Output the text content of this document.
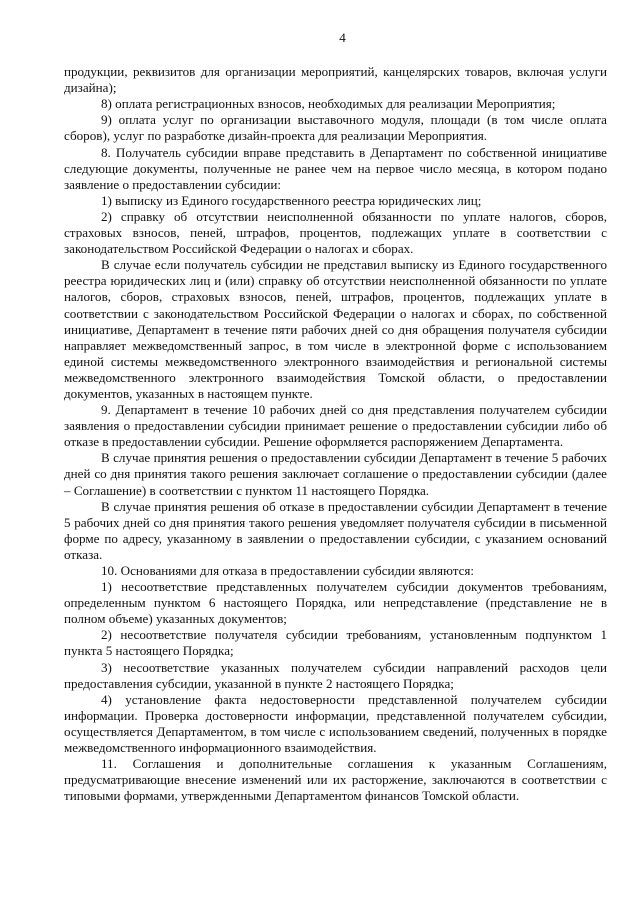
4

продукции, реквизитов для организации мероприятий, канцелярских товаров, включая услуги дизайна);

8) оплата регистрационных взносов, необходимых для реализации Мероприятия;

9) оплата услуг по организации выставочного модуля, площади (в том числе оплата сборов), услуг по разработке дизайн-проекта для реализации Мероприятия.

8. Получатель субсидии вправе представить в Департамент по собственной инициативе следующие документы, полученные не ранее чем на первое число месяца, в котором подано заявление о предоставлении субсидии:

1) выписку из Единого государственного реестра юридических лиц;

2) справку об отсутствии неисполненной обязанности по уплате налогов, сборов, страховых взносов, пеней, штрафов, процентов, подлежащих уплате в соответствии с законодательством Российской Федерации о налогах и сборах.

В случае если получатель субсидии не представил выписку из Единого государственного реестра юридических лиц и (или) справку об отсутствии неисполненной обязанности по уплате налогов, сборов, страховых взносов, пеней, штрафов, процентов, подлежащих уплате в соответствии с законодательством Российской Федерации о налогах и сборах, по собственной инициативе, Департамент в течение пяти рабочих дней со дня обращения получателя субсидии направляет межведомственный запрос, в том числе в электронной форме с использованием единой системы межведомственного электронного взаимодействия и региональной системы межведомственного электронного взаимодействия Томской области, о предоставлении документов, указанных в настоящем пункте.

9. Департамент в течение 10 рабочих дней со дня представления получателем субсидии заявления о предоставлении субсидии принимает решение о предоставлении субсидии либо об отказе в предоставлении субсидии. Решение оформляется распоряжением Департамента.

В случае принятия решения о предоставлении субсидии Департамент в течение 5 рабочих дней со дня принятия такого решения заключает соглашение о предоставлении субсидии (далее – Соглашение) в соответствии с пунктом 11 настоящего Порядка.

В случае принятия решения об отказе в предоставлении субсидии Департамент в течение 5 рабочих дней со дня принятия такого решения уведомляет получателя субсидии в письменной форме по адресу, указанному в заявлении о предоставлении субсидии, с указанием оснований отказа.

10. Основаниями для отказа в предоставлении субсидии являются:

1) несоответствие представленных получателем субсидии документов требованиям, определенным пунктом 6 настоящего Порядка, или непредставление (представление не в полном объеме) указанных документов;

2) несоответствие получателя субсидии требованиям, установленным подпунктом 1 пункта 5 настоящего Порядка;

3) несоответствие указанных получателем субсидии направлений расходов цели предоставления субсидии, указанной в пункте 2 настоящего Порядка;

4) установление факта недостоверности представленной получателем субсидии информации. Проверка достоверности информации, представленной получателем субсидии, осуществляется Департаментом, в том числе с использованием сведений, полученных в порядке межведомственного информационного взаимодействия.

11. Соглашения и дополнительные соглашения к указанным Соглашениям, предусматривающие внесение изменений или их расторжение, заключаются в соответствии с типовыми формами, утвержденными Департаментом финансов Томской области.
